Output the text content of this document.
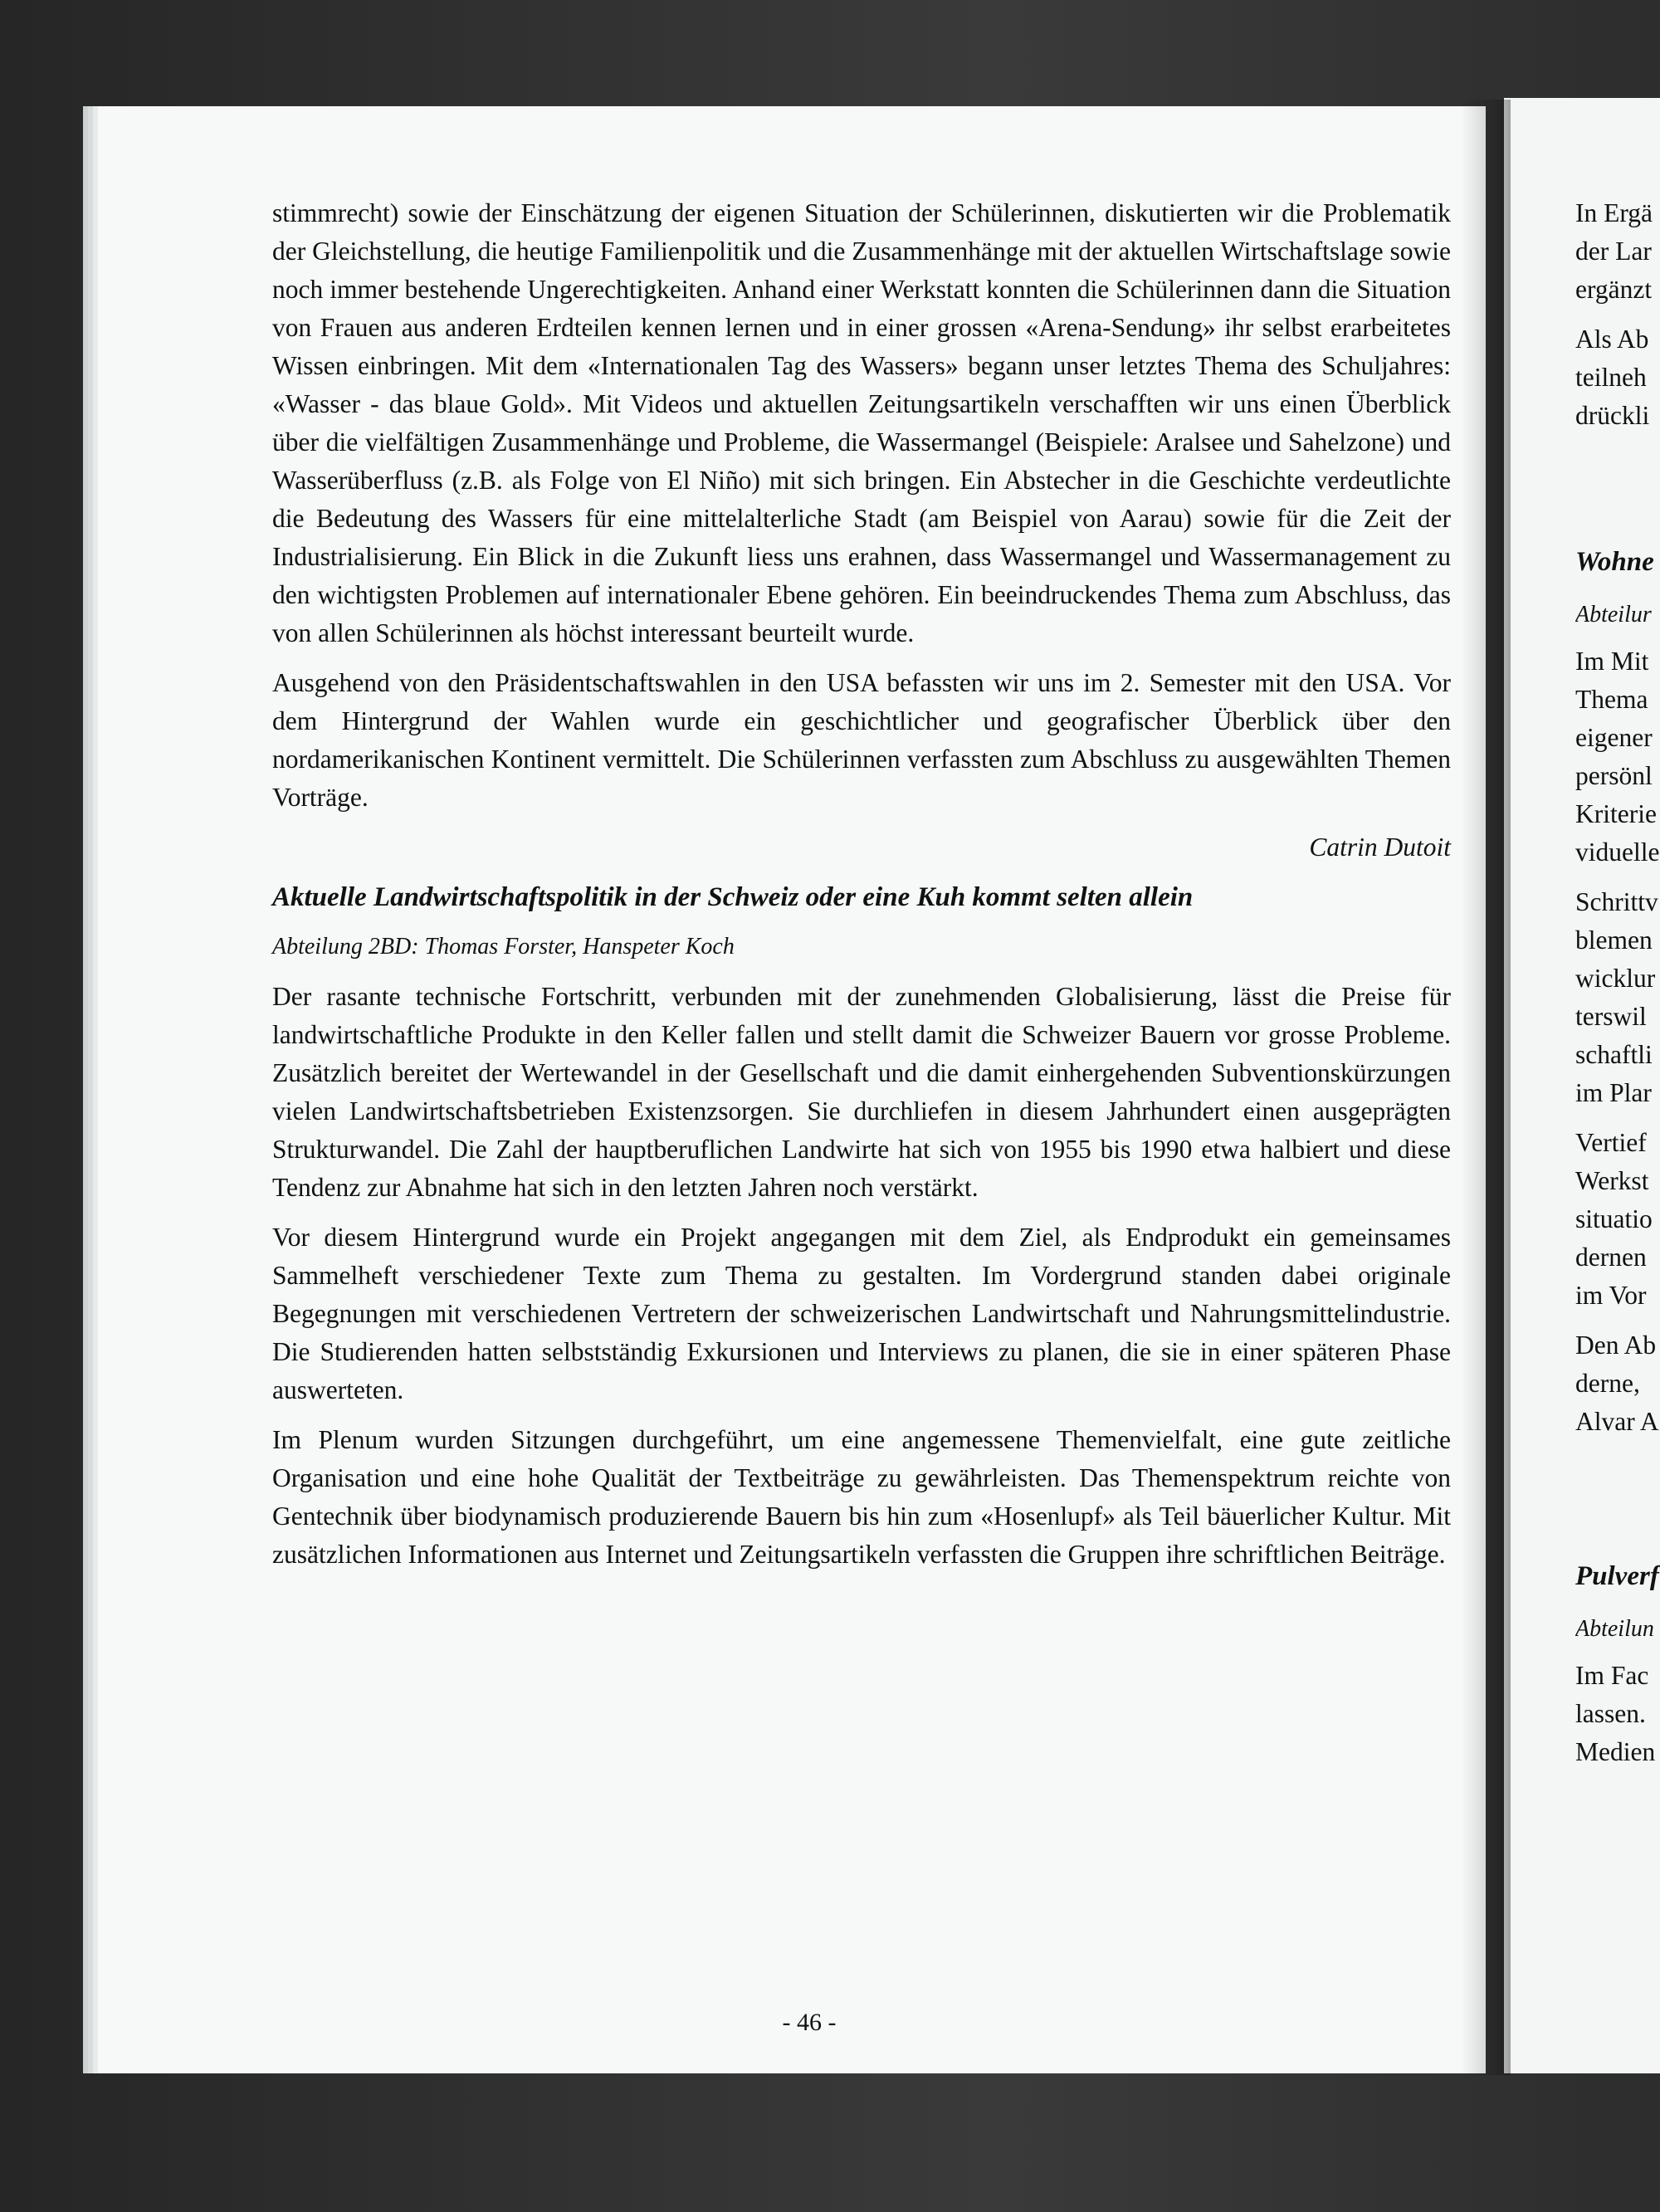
stimmrecht) sowie der Einschätzung der eigenen Situation der Schülerinnen, diskutierten wir die Problematik der Gleichstellung, die heutige Familienpolitik und die Zusammenhänge mit der aktuellen Wirtschaftslage sowie noch immer bestehende Ungerechtigkeiten. Anhand einer Werkstatt konnten die Schülerinnen dann die Situation von Frauen aus anderen Erdteilen kennen lernen und in einer grossen «Arena-Sendung» ihr selbst erarbeitetes Wissen einbringen. Mit dem «Internationalen Tag des Wassers» begann unser letztes Thema des Schuljahres: «Wasser - das blaue Gold». Mit Videos und aktuellen Zeitungsartikeln verschafften wir uns einen Überblick über die vielfältigen Zusammenhänge und Probleme, die Wassermangel (Beispiele: Aralsee und Sahelzone) und Wasserüberfluss (z.B. als Folge von El Niño) mit sich bringen. Ein Abstecher in die Geschichte verdeutlichte die Bedeutung des Wassers für eine mittelalterliche Stadt (am Beispiel von Aarau) sowie für die Zeit der Industrialisierung. Ein Blick in die Zukunft liess uns erahnen, dass Wassermangel und Wassermanagement zu den wichtigsten Problemen auf internationaler Ebene gehören. Ein beeindruckendes Thema zum Abschluss, das von allen Schülerinnen als höchst interessant beurteilt wurde.

Ausgehend von den Präsidentschaftswahlen in den USA befassten wir uns im 2. Semester mit den USA. Vor dem Hintergrund der Wahlen wurde ein geschichtlicher und geografischer Überblick über den nordamerikanischen Kontinent vermittelt. Die Schülerinnen verfassten zum Abschluss zu ausgewählten Themen Vorträge.

Catrin Dutoit

Aktuelle Landwirtschaftspolitik in der Schweiz oder eine Kuh kommt selten allein

Abteilung 2BD: Thomas Forster, Hanspeter Koch

Der rasante technische Fortschritt, verbunden mit der zunehmenden Globalisierung, lässt die Preise für landwirtschaftliche Produkte in den Keller fallen und stellt damit die Schweizer Bauern vor grosse Probleme. Zusätzlich bereitet der Wertewandel in der Gesellschaft und die damit einhergehenden Subventionskürzungen vielen Landwirtschaftsbetrieben Existenzsorgen. Sie durchliefen in diesem Jahrhundert einen ausgeprägten Strukturwandel. Die Zahl der hauptberuflichen Landwirte hat sich von 1955 bis 1990 etwa halbiert und diese Tendenz zur Abnahme hat sich in den letzten Jahren noch verstärkt.

Vor diesem Hintergrund wurde ein Projekt angegangen mit dem Ziel, als Endprodukt ein gemeinsames Sammelheft verschiedener Texte zum Thema zu gestalten. Im Vordergrund standen dabei originale Begegnungen mit verschiedenen Vertretern der schweizerischen Landwirtschaft und Nahrungsmittelindustrie. Die Studierenden hatten selbstständig Exkursionen und Interviews zu planen, die sie in einer späteren Phase auswerteten.

Im Plenum wurden Sitzungen durchgeführt, um eine angemessene Themenvielfalt, eine gute zeitliche Organisation und eine hohe Qualität der Textbeiträge zu gewährleisten. Das Themenspektrum reichte von Gentechnik über biodynamisch produzierende Bauern bis hin zum «Hosenlupf» als Teil bäuerlicher Kultur. Mit zusätzlichen Informationen aus Internet und Zeitungsartikeln verfassten die Gruppen ihre schriftlichen Beiträge.

- 46 -
In Ergä
der Lar
ergänzt
Als Ab
teilneh
drückli
Wohne
Abteilur
Im Mit
Thema
eigener
persönl
Kriterie
viduelle
Schrittv
blemen
wicklur
terswil
schaftli
im Plar
Vertief
Werkst
situatio
dernen
im Vor
Den Ab
derne,
Alvar A
Pulverf
Abteilun
Im Fac
lassen.
Medien
